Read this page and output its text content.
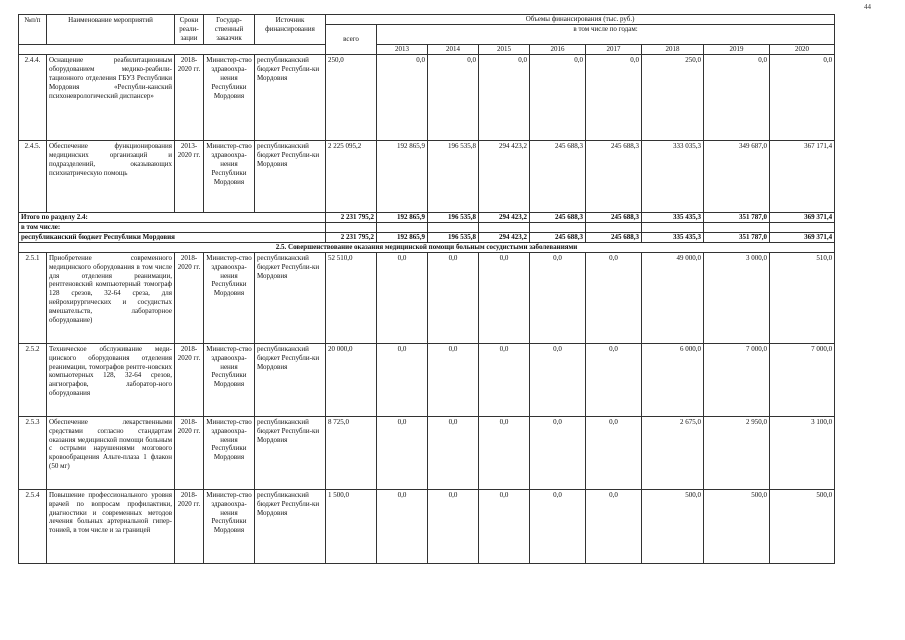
44
№п/п	Наименование мероприятий	Сроки реали-зации	Государ-ственный заказчик	Источник финансирования	Объемы финансирования (тыс. руб.)								
					всего	в том числе по годам:							
						2013	2014	2015	2016	2017	2018	2019	2020
2.4.4.	Оснащение реабилитационным оборудованием медико-реабили-тационного отделения ГБУЗ Республики Мордовия «Республи-канский психоневрологический диспансер»	2018-2020 гг.	Министер-ство здравоохра-нения Республики Мордовия	республиканский бюджет Республи-ки Мордовия	250,0	0,0	0,0	0,0	0,0	0,0	250,0	0,0	0,0
2.4.5.	Обеспечение функционирования медицинских организаций и подразделений, оказывающих психиатрическую помощь	2013-2020 гг.	Министер-ство здравоохра-нения Республики Мордовия	республиканский бюджет Республи-ки Мордовия	2 225 095,2	192 865,9	196 535,8	294 423,2	245 688,3	245 688,3	333 035,3	349 687,0	367 171,4
Итого по разделу 2.4:					2 231 795,2	192 865,9	196 535,8	294 423,2	245 688,3	245 688,3	335 435,3	351 787,0	369 371,4
в том числе:													
республиканский бюджет Республики Мордовия					2 231 795,2	192 865,9	196 535,8	294 423,2	245 688,3	245 688,3	335 435,3	351 787,0	369 371,4
2.5. Совершенствование оказания медицинской помощи больным сосудистыми заболеваниями													
2.5.1	Приобретение современного медицинского оборудования в том числе для отделения реанимации, рентгеновский компьютерный томограф 128 срезов, 32-64 среза, для нейрохирургических и сосудистых вмешательств, лабораторное оборудование)	2018-2020 гг.	Министер-ство здравоохра-нения Республики Мордовия	республиканский бюджет Республи-ки Мордовия	52 510,0	0,0	0,0	0,0	0,0	0,0	49 000,0	3 000,0	510,0
2.5.2	Техническое обслуживание меди-цинского оборудования отделения реанимации, томографов рентге-новских компьютерных 128, 32-64 срезов, ангиографов, лаборатор-ного оборудования	2018-2020 гг.	Министер-ство здравоохра-нения Республики Мордовия	республиканский бюджет Республи-ки Мордовия	20 000,0	0,0	0,0	0,0	0,0	0,0	6 000,0	7 000,0	7 000,0
2.5.3	Обеспечение лекарственными средствами согласно стандартам оказания медицинской помощи больным с острыми нарушениями мозгового кровообращения Альте-плаза 1 флакон (50 мг)	2018-2020 гг.	Министер-ство здравоохра-нения Республики Мордовия	республиканский бюджет Республи-ки Мордовия	8 725,0	0,0	0,0	0,0	0,0	0,0	2 675,0	2 950,0	3 100,0
2.5.4	Повышение профессионального уровня врачей по вопросам профилактики, диагностики и современных методов лечения больных артериальной гипер-тонией, в том числе и за границей	2018-2020 гг.	Министер-ство здравоохра-нения Республики Мордовия	республиканский бюджет Республи-ки Мордовия	1 500,0	0,0	0,0	0,0	0,0	0,0	500,0	500,0	500,0
